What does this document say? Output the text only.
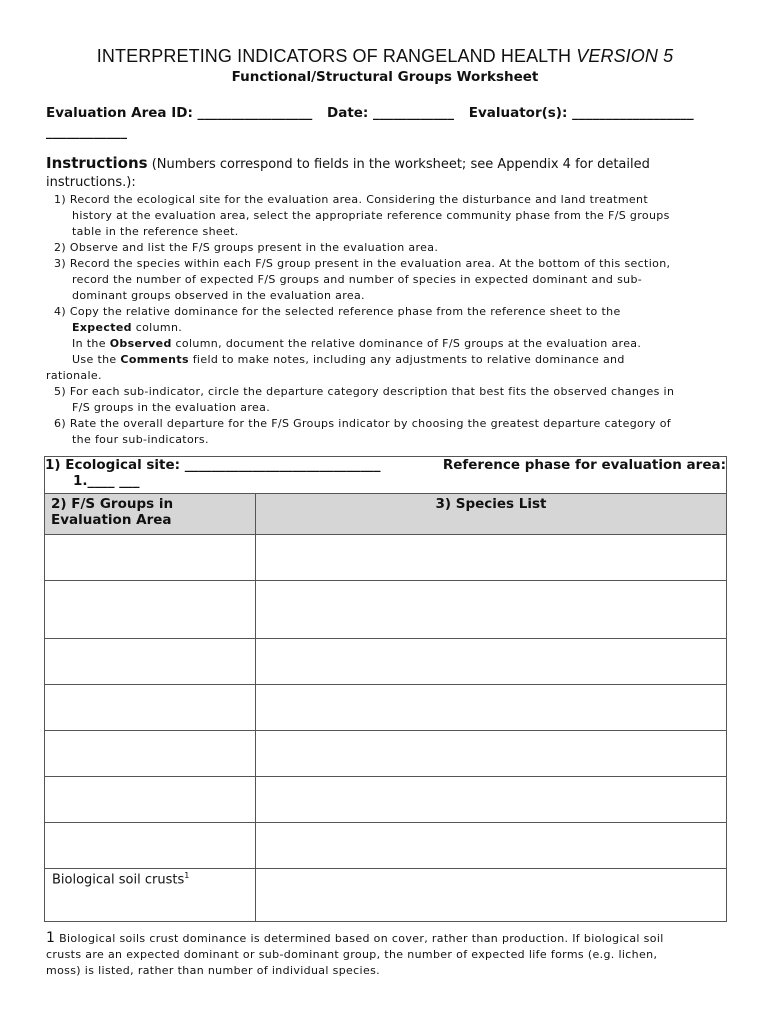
INTERPRETING INDICATORS OF RANGELAND HEALTH VERSION 5
Functional/Structural Groups Worksheet
Evaluation Area ID: _________________ Date: ____________ Evaluator(s): __________________
____________
Instructions (Numbers correspond to fields in the worksheet; see Appendix 4 for detailed instructions.):
1) Record the ecological site for the evaluation area. Considering the disturbance and land treatment
history at the evaluation area, select the appropriate reference community phase from the F/S groups
table in the reference sheet.
2) Observe and list the F/S groups present in the evaluation area.
3) Record the species within each F/S group present in the evaluation area. At the bottom of this section,
record the number of expected F/S groups and number of species in expected dominant and sub-
dominant groups observed in the evaluation area.
4) Copy the relative dominance for the selected reference phase from the reference sheet to the
Expected column.
In the Observed column, document the relative dominance of F/S groups at the evaluation area.
Use the Comments field to make notes, including any adjustments to relative dominance and
rationale.
5) For each sub-indicator, circle the departure category description that best fits the observed changes in
F/S groups in the evaluation area.
6) Rate the overall departure for the F/S Groups indicator by choosing the greatest departure category of
the four sub-indicators.
Reference phase for evaluation area:
1) Ecological site: _____________________________
1.____ ___	
2) F/S Groups in
Evaluation Area	3) Species List

Biological soil crusts$^1$	
1 Biological soils crust dominance is determined based on cover, rather than production. If biological soil
crusts are an expected dominant or sub-dominant group, the number of expected life forms (e.g. lichen,
moss) is listed, rather than number of individual species.
